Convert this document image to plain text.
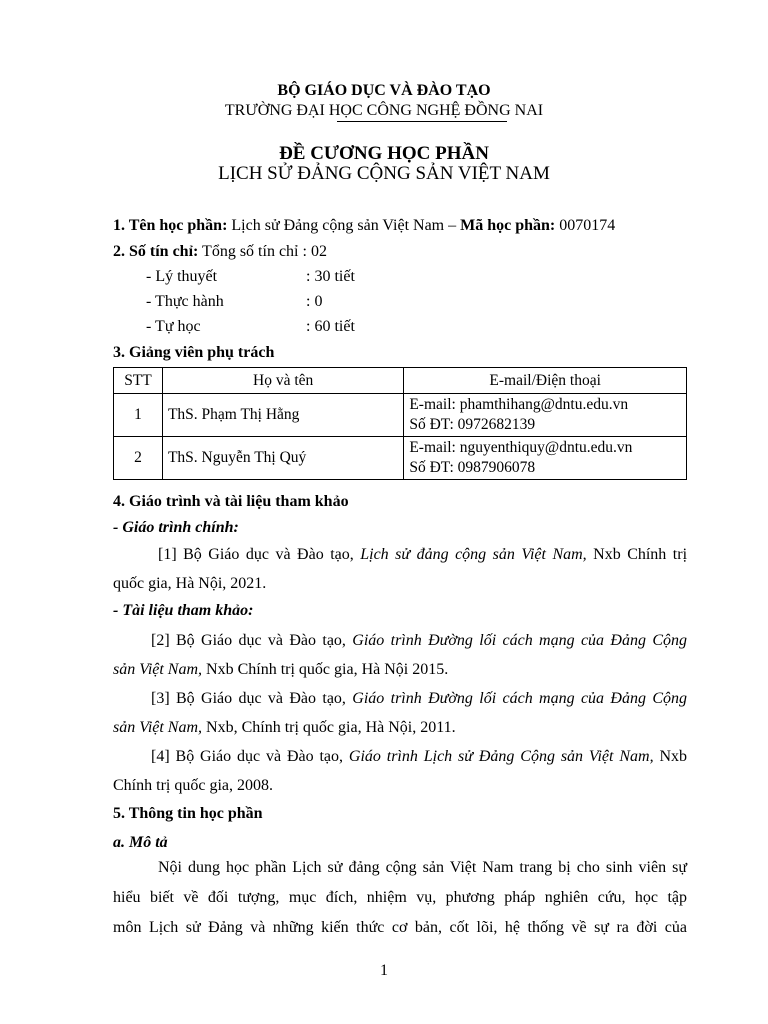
BỘ GIÁO DỤC VÀ ĐÀO TẠO
TRƯỜNG ĐẠI HỌC CÔNG NGHỆ ĐỒNG NAI
ĐỀ CƯƠNG HỌC PHẦN
LỊCH SỬ ĐẢNG CỘNG SẢN VIỆT NAM
1. Tên học phần: Lịch sử Đảng cộng sản Việt Nam – Mã học phần: 0070174
2. Số tín chỉ: Tổng số tín chỉ : 02
- Lý thuyết	: 30 tiết
- Thực hành	: 0
- Tự học	: 60 tiết
3. Giảng viên phụ trách
STT	Họ và tên	E-mail/Điện thoại
1	ThS. Phạm Thị Hằng	E-mail: phamthihang@dntu.edu.vn
Số ĐT: 0972682139

2	ThS. Nguyễn Thị Quý	E-mail: nguyenthiquy@dntu.edu.vn
Số ĐT: 0987906078
4. Giáo trình và tài liệu tham khảo
- Giáo trình chính:
[1] Bộ Giáo dục và Đào tạo, Lịch sử đảng cộng sản Việt Nam, Nxb Chính trị
quốc gia, Hà Nội, 2021.
- Tài liệu tham khảo:
[2] Bộ Giáo dục và Đào tạo, Giáo trình Đường lối cách mạng của Đảng Cộng
sản Việt Nam, Nxb Chính trị quốc gia, Hà Nội 2015.
[3] Bộ Giáo dục và Đào tạo, Giáo trình Đường lối cách mạng của Đảng Cộng
sản Việt Nam, Nxb, Chính trị quốc gia, Hà Nội, 2011.
[4] Bộ Giáo dục và Đào tạo, Giáo trình Lịch sử Đảng Cộng sản Việt Nam, Nxb
Chính trị quốc gia, 2008.
5. Thông tin học phần
a. Mô tả
Nội dung học phần Lịch sử đảng cộng sản Việt Nam trang bị cho sinh viên sự
hiểu biết về đối tượng, mục đích, nhiệm vụ, phương pháp nghiên cứu, học tập
môn Lịch sử Đảng và những kiến thức cơ bản, cốt lõi, hệ thống về sự ra đời của
1
